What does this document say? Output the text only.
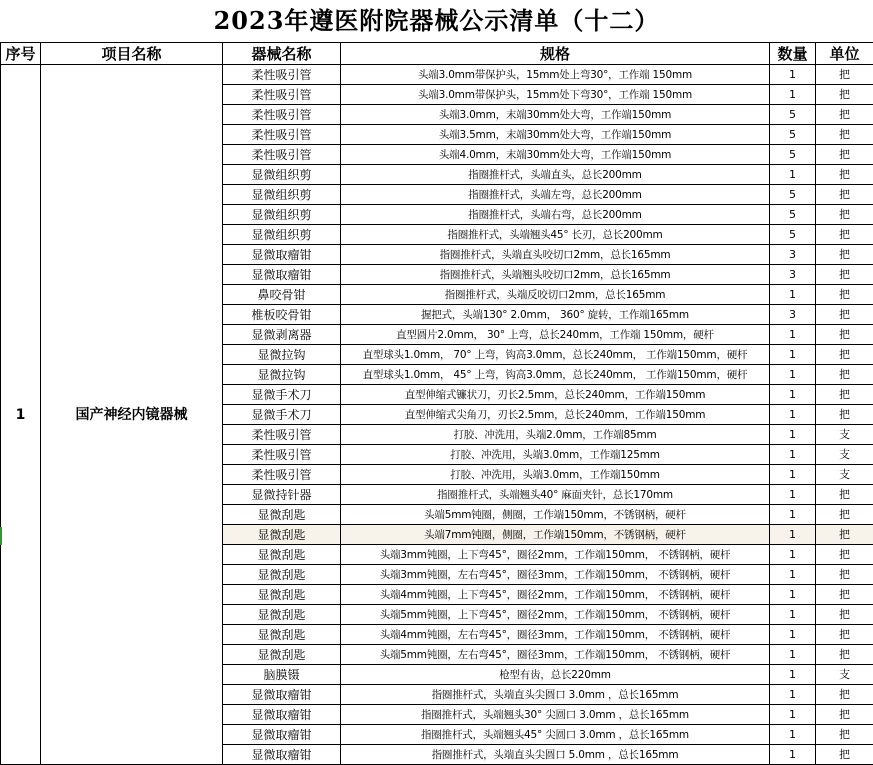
2023年遵医附院器械公示清单（十二）
序号	项目名称	器械名称	规格	数量	单位
1	国产神经内镜器械	柔性吸引管	头端3.0mm带保护头，15mm处上弯30°，工作端 150mm	1	把
		柔性吸引管	头端3.0mm带保护头，15mm处下弯30°，工作端 150mm	1	把
		柔性吸引管	头端3.0mm，末端30mm处大弯，工作端150mm	5	把
		柔性吸引管	头端3.5mm，末端30mm处大弯，工作端150mm	5	把
		柔性吸引管	头端4.0mm，末端30mm处大弯，工作端150mm	5	把
		显微组织剪	指圈推杆式，头端直头，总长200mm	1	把
		显微组织剪	指圈推杆式，头端左弯，总长200mm	5	把
		显微组织剪	指圈推杆式，头端右弯，总长200mm	5	把
		显微组织剪	指圈推杆式，头端翘头45° 长刃，总长200mm	5	把
		显微取瘤钳	指圈推杆式，头端直头咬切口2mm，总长165mm	3	把
		显微取瘤钳	指圈推杆式，头端翘头咬切口2mm，总长165mm	3	把
		鼻咬骨钳	指圈推杆式，头端反咬切口2mm，总长165mm	1	把
		椎板咬骨钳	握把式，头端130° 2.0mm， 360° 旋转，工作端165mm	3	把
		显微剥离器	直型圆片2.0mm， 30° 上弯，总长240mm，工作端 150mm，硬杆	1	把
		显微拉钩	直型球头1.0mm， 70° 上弯，钩高3.0mm，总长240mm， 工作端150mm，硬杆	1	把
		显微拉钩	直型球头1.0mm， 45° 上弯，钩高3.0mm，总长240mm， 工作端150mm，硬杆	1	把
		显微手术刀	直型伸缩式镰状刀，刃长2.5mm，总长240mm，工作端150mm	1	把
		显微手术刀	直型伸缩式尖角刀，刃长2.5mm，总长240mm，工作端150mm	1	把
		柔性吸引管	打胶、冲洗用，头端2.0mm，工作端85mm	1	支
		柔性吸引管	打胶、冲洗用，头端3.0mm，工作端125mm	1	支
		柔性吸引管	打胶、冲洗用，头端3.0mm，工作端150mm	1	支
		显微持针器	指圈推杆式，头端翘头40° 麻面夹针，总长170mm	1	把
		显微刮匙	头端5mm钝圈，侧圈，工作端150mm，不锈钢柄，硬杆	1	把
		显微刮匙	头端7mm钝圈，侧圈，工作端150mm，不锈钢柄，硬杆	1	把
		显微刮匙	头端3mm钝圈，上下弯45°，圈径2mm，工作端150mm， 不锈钢柄，硬杆	1	把
		显微刮匙	头端3mm钝圈，左右弯45°，圈径3mm，工作端150mm， 不锈钢柄，硬杆	1	把
		显微刮匙	头端4mm钝圈，上下弯45°，圈径2mm，工作端150mm， 不锈钢柄，硬杆	1	把
		显微刮匙	头端5mm钝圈，上下弯45°，圈径2mm，工作端150mm， 不锈钢柄，硬杆	1	把
		显微刮匙	头端4mm钝圈，左右弯45°，圈径3mm，工作端150mm， 不锈钢柄，硬杆	1	把
		显微刮匙	头端5mm钝圈，左右弯45°，圈径3mm，工作端150mm， 不锈钢柄，硬杆	1	把
		脑膜镊	枪型有齿，总长220mm	1	支
		显微取瘤钳	指圈推杆式，头端直头尖圆口 3.0mm ，总长165mm	1	把
		显微取瘤钳	指圈推杆式，头端翘头30° 尖圆口 3.0mm ，总长165mm	1	把
		显微取瘤钳	指圈推杆式，头端翘头45° 尖圆口 3.0mm ，总长165mm	1	把
		显微取瘤钳	指圈推杆式，头端直头尖圆口 5.0mm ，总长165mm	1	把
